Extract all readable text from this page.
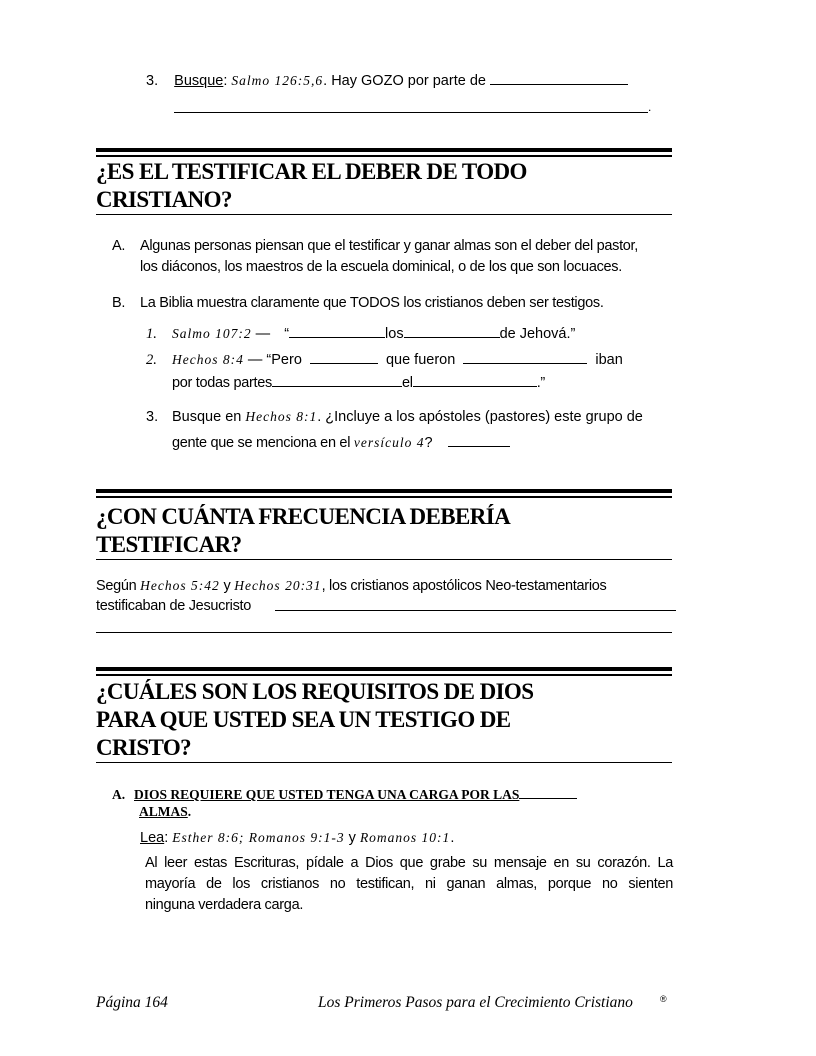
3. Busque: Salmo 126:5,6. Hay GOZO por parte de

.
¿ES EL TESTIFICAR EL DEBER DE TODO
CRISTIANO?

A. Algunas personas piensan que el testificar y ganar almas son el deber del pastor,

los diáconos, los maestros de la escuela dominical, o de los que son locuaces.

B. La Biblia muestra claramente que TODOS los cristianos deben ser testigos.

1. Salmo 107:2 — “	los	de Jehová.”

2. Hechos 8:4 — “Pero	que fueron	iban

por todas partes	el	.”

3. Busque en Hechos 8:1. ¿Incluye a los apóstoles (pastores) este grupo de

gente que se menciona en el versículo 4?

¿CON CUÁNTA FRECUENCIA DEBERÍA
TESTIFICAR?

Según Hechos 5:42 y Hechos 20:31, los cristianos apostólicos Neo-testamentarios

testificaban de Jesucristo

¿CUÁLES SON LOS REQUISITOS DE DIOS
PARA QUE USTED SEA UN TESTIGO DE
CRISTO?
A. DIOS REQUIERE QUE USTED TENGA UNA CARGA POR LAS
ALMAS.

Lea: Esther 8:6; Romanos 9:1-3 y Romanos 10:1.

Al leer estas Escrituras, pídale a Dios que grabe su mensaje en su corazón. La

mayoría de los cristianos no testifican, ni ganan almas, porque no sienten

ninguna verdadera carga.

Página 164	Los Primeros Pasos para el Crecimiento Cristiano	®
